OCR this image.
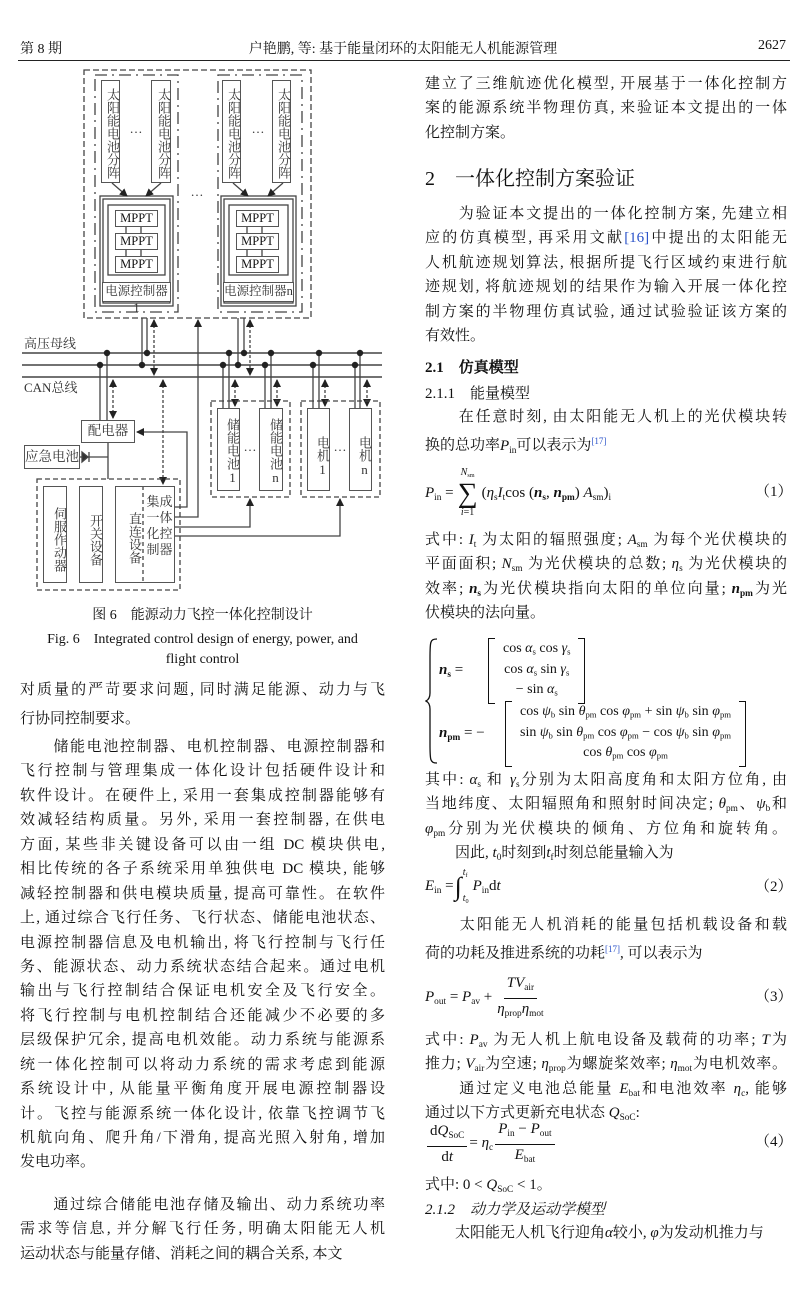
第 8 期	户艳鹏, 等: 基于能量闭环的太阳能无人机能源管理	2627
太阳能电池分阵	太阳能电池分阵	太阳能电池分阵	太阳能电池分阵
…	…
…
MPPT
MPPT
MPPT
MPPT
MPPT
MPPT
电源控制器1
电源控制器n
高压母线
CAN总线
配电器
应急电池
伺服作动器	开关设备	直连设备
集成一体化控制器
储能电池1 … 储能电池n	电机1 … 电机n
图 6　能源动力飞控一体化控制设计
Fig. 6　Integrated control design of energy, power, and
flight control
对质量的严苛要求问题, 同时满足能源、动力与飞
行协同控制要求。
　　储能电池控制器、电机控制器、电源控制器和
飞行控制与管理集成一体化设计包括硬件设计和
软件设计。在硬件上, 采用一套集成控制器能够有
效减轻结构质量。另外, 采用一套控制器, 在供电
方面, 某些非关键设备可以由一组 DC 模块供电,
相比传统的各子系统采用单独供电 DC 模块, 能够
减轻控制器和供电模块质量, 提高可靠性。在软件
上, 通过综合飞行任务、飞行状态、储能电池状态、
电源控制器信息及电机输出, 将飞行控制与飞行任
务、能源状态、动力系统状态结合起来。通过电机
输出与飞行控制结合保证电机安全及飞行安全。
将飞行控制与电机控制结合还能减少不必要的多
层级保护冗余, 提高电机效能。动力系统与能源系
统一体化控制可以将动力系统的需求考虑到能源
系统设计中, 从能量平衡角度开展电源控制器设
计。飞控与能源系统一体化设计, 依靠飞控调节飞
机航向角、爬升角/下滑角, 提高光照入射角, 增加
发电功率。
　　通过综合储能电池存储及输出、动力系统功率
需求等信息, 并分解飞行任务, 明确太阳能无人机
运动状态与能量存储、消耗之间的耦合关系, 本文
建立了三维航迹优化模型, 开展基于一体化控制方
案的能源系统半物理仿真, 来验证本文提出的一体
化控制方案。
2　一体化控制方案验证
　　为验证本文提出的一体化控制方案, 先建立相
应的仿真模型, 再采用文献[16]中提出的太阳能无
人机航迹规划算法, 根据所提飞行区域约束进行航
迹规划, 将航迹规划的结果作为输入开展一体化控
制方案的半物理仿真试验, 通过试验验证该方案的
有效性。
2.1　仿真模型
2.1.1　能量模型
　　在任意时刻, 由太阳能无人机上的光伏模块转
换的总功率$P_{in}$可以表示为[17]
$P_{in}$ =
$N_{sm}$
∑
i=1
($\eta_sI_t\cos$ ($n_s$, $n_{pm}$) $A_{sm})_i$	（1）
式中: $I_t$ 为太阳的辐照强度; $A_{sm}$ 为每个光伏模块的
平面面积; $N_{sm}$ 为光伏模块的总数; $\eta_s$ 为光伏模块的
效率; $n_s$为光伏模块指向太阳的单位向量; $n_{pm}$为光
伏模块的法向量。
$n_s$ =
$\cos \alpha_s$ $\cos \gamma_s$
$\cos \alpha_s$ $\sin \gamma_s$
− $\sin \alpha_s$
$n_{pm}$ = −
$\cos \psi_b$ $\sin \theta_{pm}$ $\cos \varphi_{pm} + \sin \psi_b$ $\sin \varphi_{pm}$
$\sin \psi_b$ $\sin \theta_{pm}$ $\cos \varphi_{pm} - \cos \psi_b$ $\sin \varphi_{pm}$
$\cos \theta_{pm}$ $\cos \varphi_{pm}$
其中: $\alpha_s$ 和 $\gamma_s$分别为太阳高度角和太阳方位角, 由
当地纬度、太阳辐照角和照射时间决定; $\theta_{pm}$、$\psi_b$和
$\varphi_{pm}$分别为光伏模块的倾角、方位角和旋转角。
　　因此, $t_0$时刻到$t_f$时刻总能量输入为
$E_{in}$ = ∫ $t_f$
$t_0$
$P_{in}dt$	（2）
　　太阳能无人机消耗的能量包括机载设备和载
荷的功耗及推进系统的功耗[17], 可以表示为
$P_{out} = P_{av} + \frac{TV_{air}}{\eta_{prop}\eta_{mot}}$	（3）
式中: $P_{av}$ 为无人机上航电设备及载荷的功率; T为
推力; $V_{air}$为空速; $\eta_{prop}$为螺旋桨效率; $\eta_{mot}$为电机效率。
　　通过定义电池总能量 $E_{bat}$和电池效率 $\eta_c$, 能够
通过以下方式更新充电状态 $Q_{SoC}$:
$\frac{dQ_{SoC}}{dt} = \eta_c \frac{P_{in} - P_{out}}{E_{bat}}$	（4）
式中: $0 < Q_{SoC} < 1$。
2.1.2　动力学及运动学模型
　　太阳能无人机飞行迎角α较小, φ为发动机推力与
